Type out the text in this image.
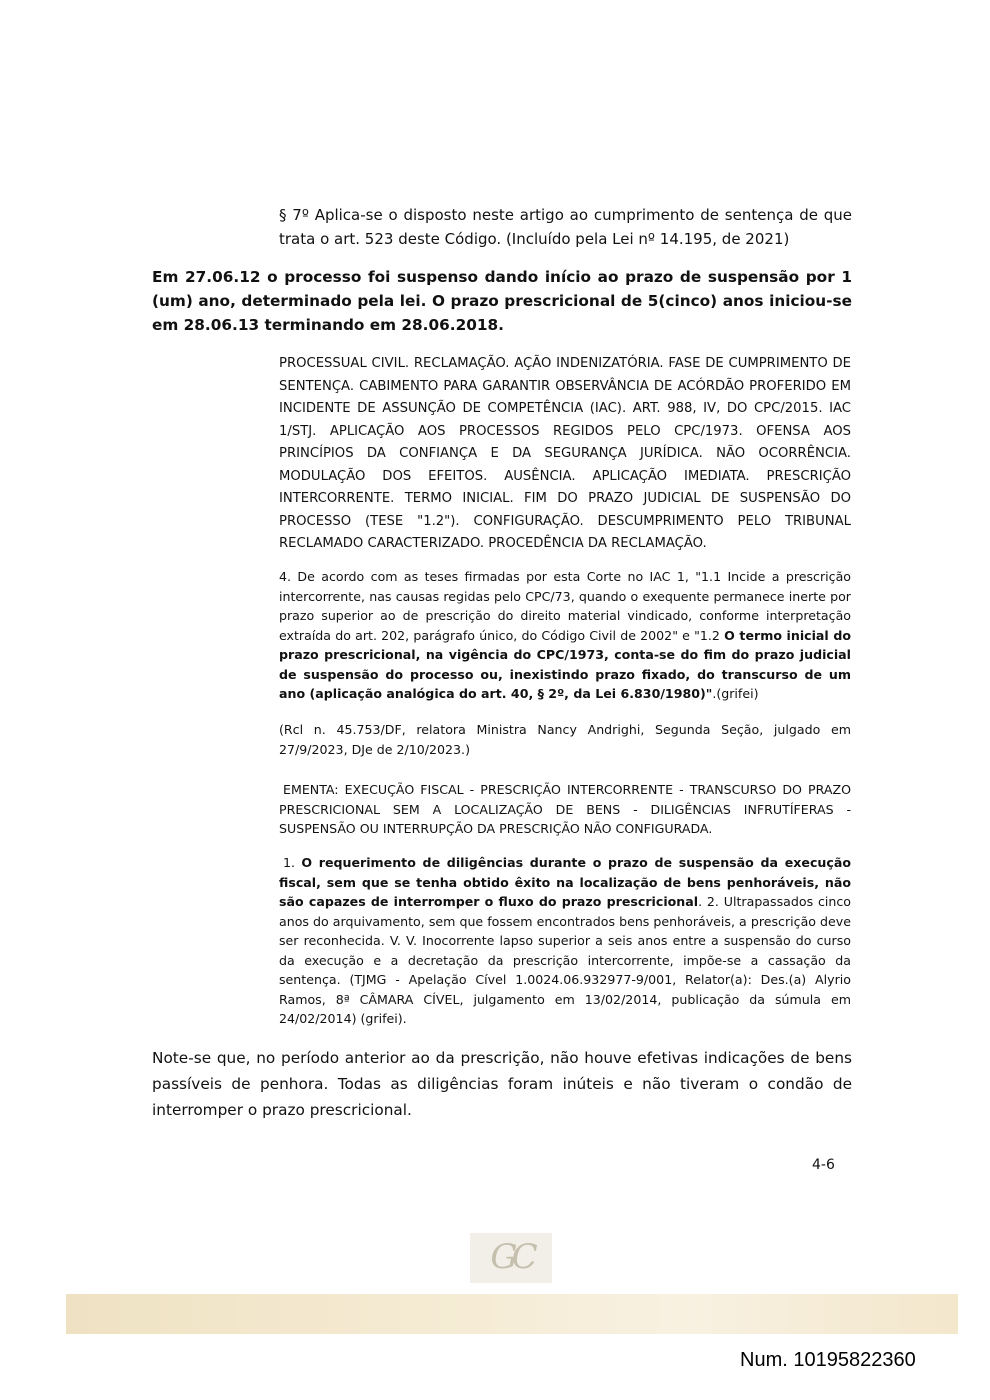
§ 7º Aplica-se o disposto neste artigo ao cumprimento de sentença de que trata o art. 523 deste Código. (Incluído pela Lei nº 14.195, de 2021)

Em 27.06.12 o processo foi suspenso dando início ao prazo de suspensão por 1 (um) ano, determinado pela lei. O prazo prescricional de 5(cinco) anos iniciou-se em 28.06.13 terminando em 28.06.2018.

PROCESSUAL CIVIL. RECLAMAÇÃO. AÇÃO INDENIZATÓRIA. FASE DE CUMPRIMENTO DE SENTENÇA. CABIMENTO PARA GARANTIR OBSERVÂNCIA DE ACÓRDÃO PROFERIDO EM INCIDENTE DE ASSUNÇÃO DE COMPETÊNCIA (IAC). ART. 988, IV, DO CPC/2015. IAC 1/STJ. APLICAÇÃO AOS PROCESSOS REGIDOS PELO CPC/1973. OFENSA AOS PRINCÍPIOS DA CONFIANÇA E DA SEGURANÇA JURÍDICA. NÃO OCORRÊNCIA. MODULAÇÃO DOS EFEITOS. AUSÊNCIA. APLICAÇÃO IMEDIATA. PRESCRIÇÃO INTERCORRENTE. TERMO INICIAL. FIM DO PRAZO JUDICIAL DE SUSPENSÃO DO PROCESSO (TESE "1.2"). CONFIGURAÇÃO. DESCUMPRIMENTO PELO TRIBUNAL RECLAMADO CARACTERIZADO. PROCEDÊNCIA DA RECLAMAÇÃO.

4. De acordo com as teses firmadas por esta Corte no IAC 1, "1.1 Incide a prescrição intercorrente, nas causas regidas pelo CPC/73, quando o exequente permanece inerte por prazo superior ao de prescrição do direito material vindicado, conforme interpretação extraída do art. 202, parágrafo único, do Código Civil de 2002" e "1.2 O termo inicial do prazo prescricional, na vigência do CPC/1973, conta-se do fim do prazo judicial de suspensão do processo ou, inexistindo prazo fixado, do transcurso de um ano (aplicação analógica do art. 40, § 2º, da Lei 6.830/1980)".(grifei)

(Rcl n. 45.753/DF, relatora Ministra Nancy Andrighi, Segunda Seção, julgado em 27/9/2023, DJe de 2/10/2023.)

EMENTA: EXECUÇÃO FISCAL - PRESCRIÇÃO INTERCORRENTE - TRANSCURSO DO PRAZO PRESCRICIONAL SEM A LOCALIZAÇÃO DE BENS - DILIGÊNCIAS INFRUTÍFERAS - SUSPENSÃO OU INTERRUPÇÃO DA PRESCRIÇÃO NÃO CONFIGURADA.

1. O requerimento de diligências durante o prazo de suspensão da execução fiscal, sem que se tenha obtido êxito na localização de bens penhoráveis, não são capazes de interromper o fluxo do prazo prescricional. 2. Ultrapassados cinco anos do arquivamento, sem que fossem encontrados bens penhoráveis, a prescrição deve ser reconhecida. V. V. Inocorrente lapso superior a seis anos entre a suspensão do curso da execução e a decretação da prescrição intercorrente, impõe-se a cassação da sentença. (TJMG - Apelação Cível 1.0024.06.932977-9/001, Relator(a): Des.(a) Alyrio Ramos, 8ª CÂMARA CÍVEL, julgamento em 13/02/2014, publicação da súmula em 24/02/2014) (grifei).

Note-se que, no período anterior ao da prescrição, não houve efetivas indicações de bens passíveis de penhora. Todas as diligências foram inúteis e não tiveram o condão de interromper o prazo prescricional.

4-6

GC

Num. 10195822360
